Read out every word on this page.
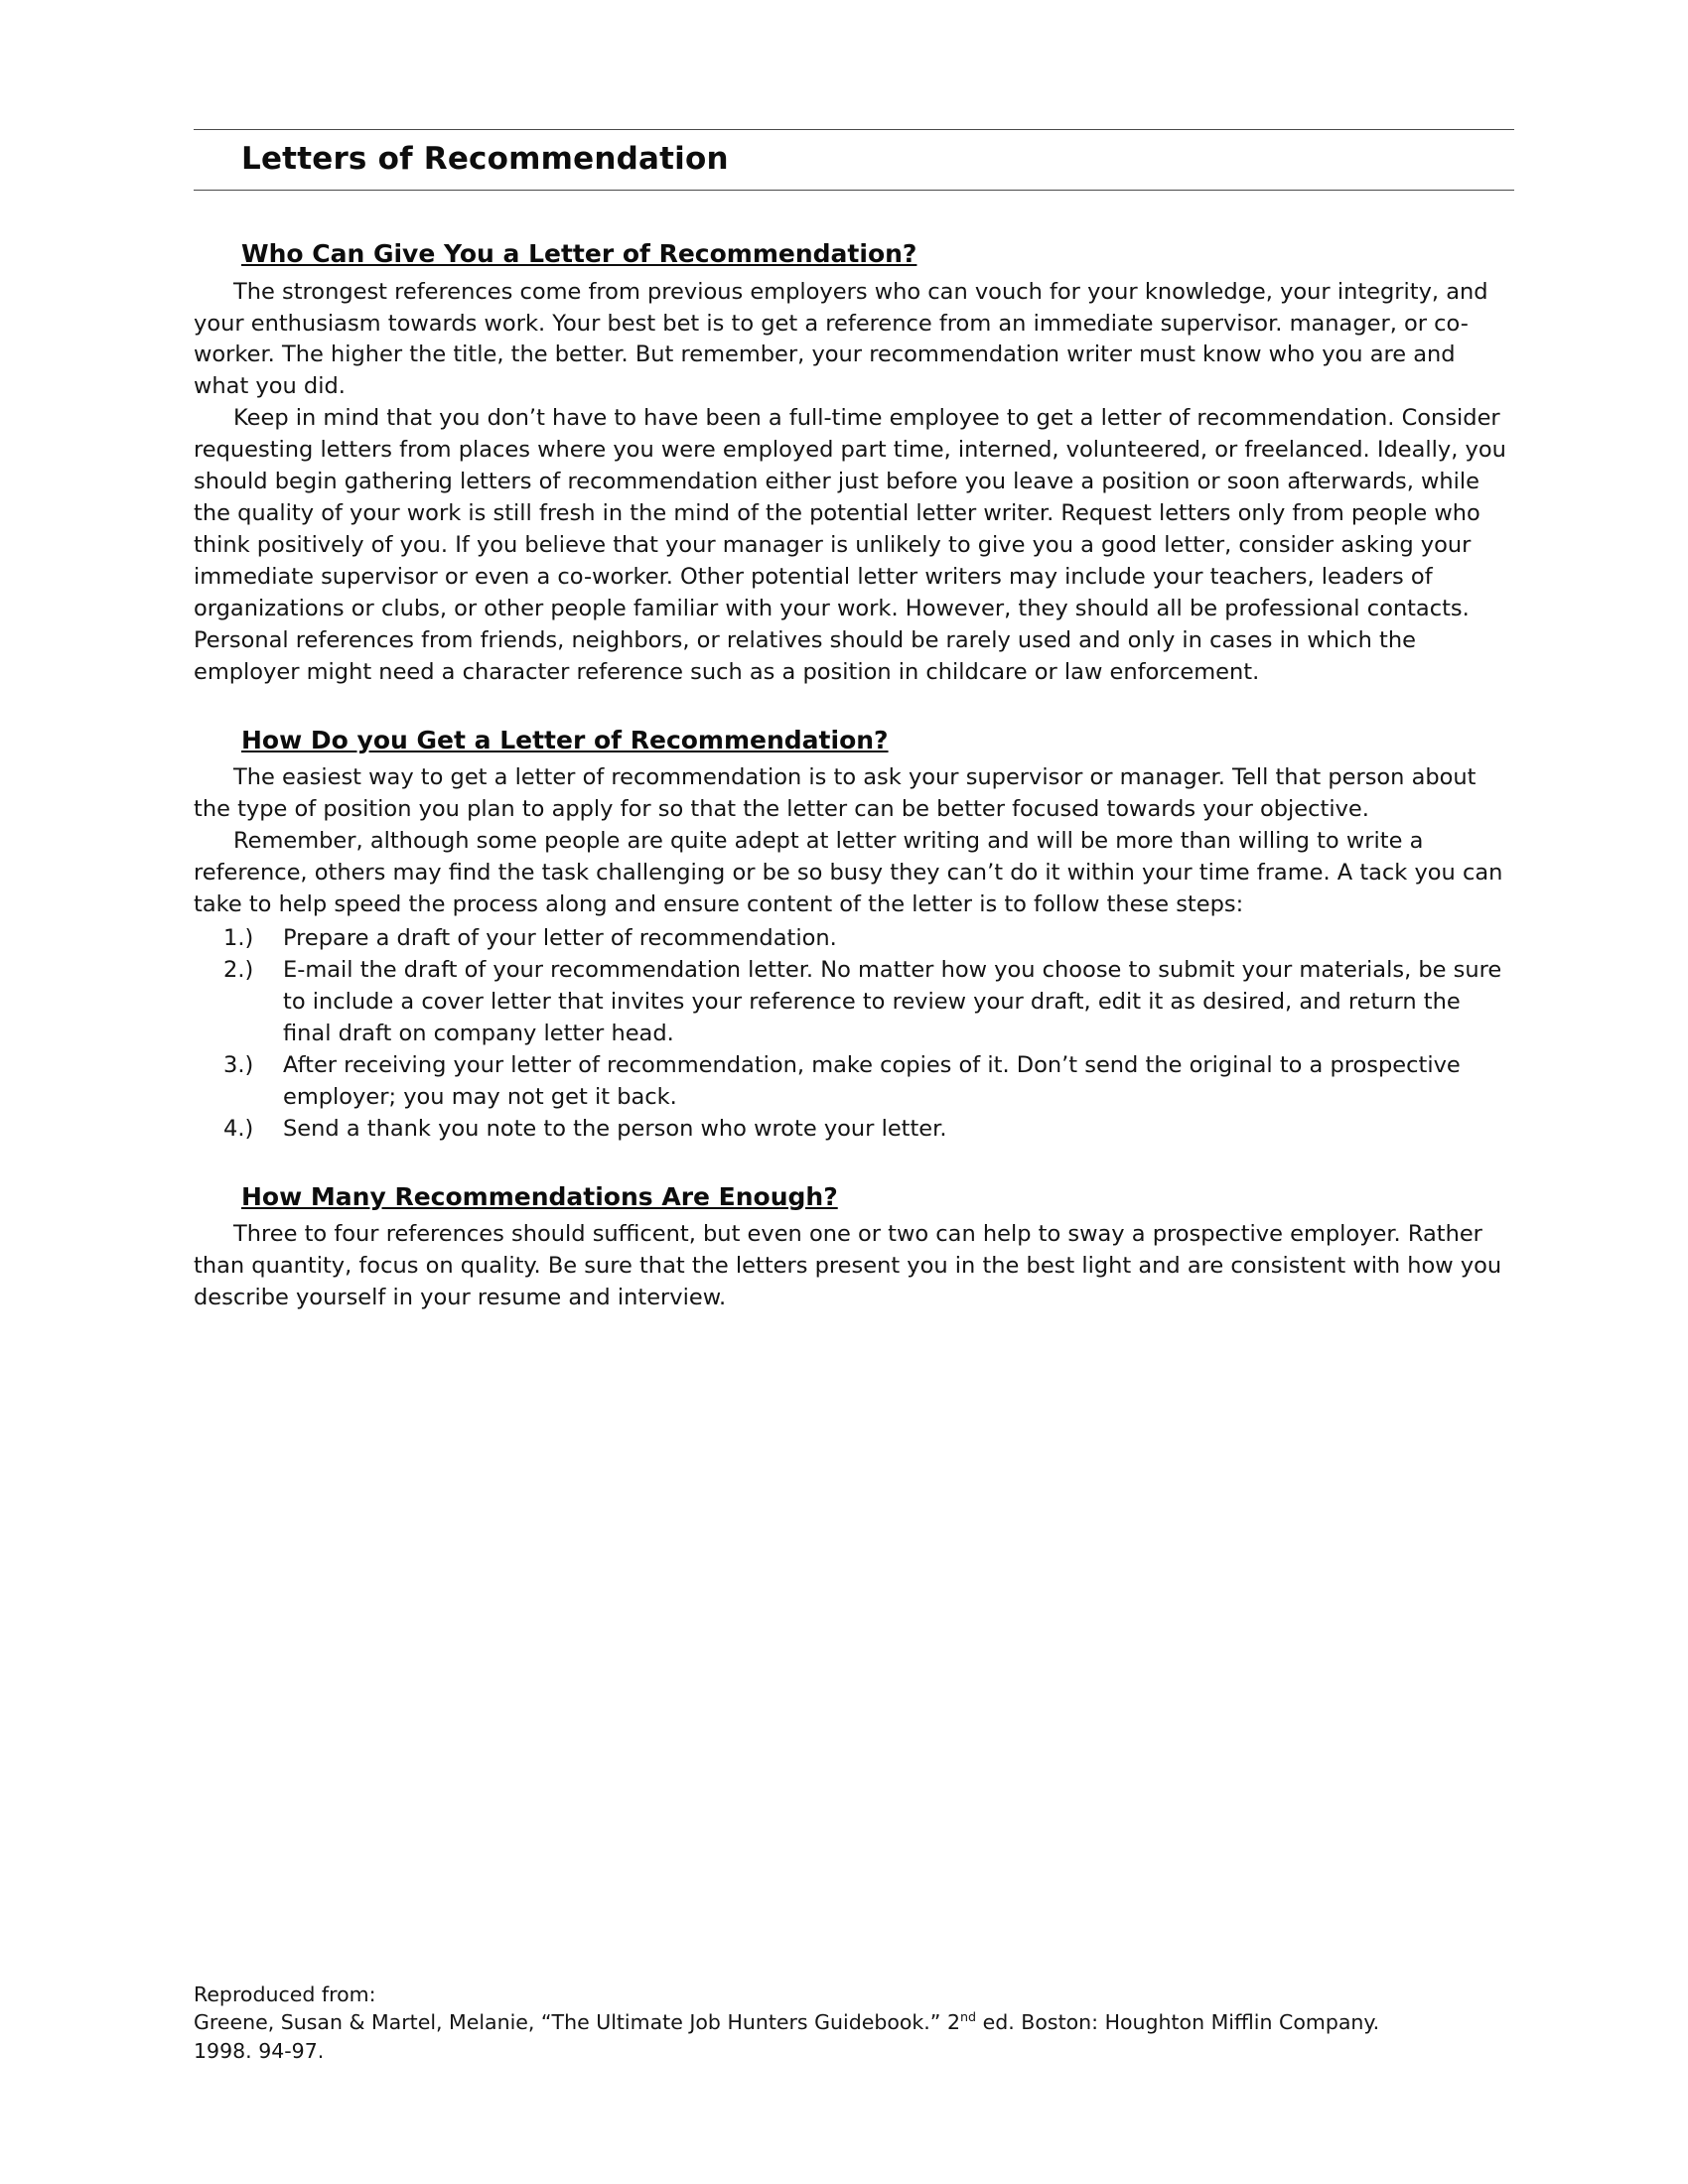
Letters of Recommendation
Who Can Give You a Letter of Recommendation?

The strongest references come from previous employers who can vouch for your knowledge, your integrity, and your enthusiasm towards work. Your best bet is to get a reference from an immediate supervisor. manager, or co-worker. The higher the title, the better. But remember, your recommendation writer must know who you are and what you did.

Keep in mind that you don’t have to have been a full-time employee to get a letter of recommendation. Consider requesting letters from places where you were employed part time, interned, volunteered, or freelanced. Ideally, you should begin gathering letters of recommendation either just before you leave a position or soon afterwards, while the quality of your work is still fresh in the mind of the potential letter writer. Request letters only from people who think positively of you. If you believe that your manager is unlikely to give you a good letter, consider asking your immediate supervisor or even a co-worker. Other potential letter writers may include your teachers, leaders of organizations or clubs, or other people familiar with your work. However, they should all be professional contacts. Personal references from friends, neighbors, or relatives should be rarely used and only in cases in which the employer might need a character reference such as a position in childcare or law enforcement.

How Do you Get a Letter of Recommendation?

The easiest way to get a letter of recommendation is to ask your supervisor or manager. Tell that person about the type of position you plan to apply for so that the letter can be better focused towards your objective.

Remember, although some people are quite adept at letter writing and will be more than willing to write a reference, others may find the task challenging or be so busy they can’t do it within your time frame. A tack you can take to help speed the process along and ensure content of the letter is to follow these steps:

1.)	Prepare a draft of your letter of recommendation.
2.)	E-mail the draft of your recommendation letter. No matter how you choose to submit your materials, be sure to include a cover letter that invites your reference to review your draft, edit it as desired, and return the final draft on company letter head.
3.)	After receiving your letter of recommendation, make copies of it. Don’t send the original to a prospective employer; you may not get it back.
4.)	Send a thank you note to the person who wrote your letter.
How Many Recommendations Are Enough?

Three to four references should sufficent, but even one or two can help to sway a prospective employer. Rather than quantity, focus on quality. Be sure that the letters present you in the best light and are consistent with how you describe yourself in your resume and interview.

Reproduced from:
Greene, Susan & Martel, Melanie, “The Ultimate Job Hunters Guidebook.” 2nd ed. Boston: Houghton Mifflin Company.
1998. 94-97.
